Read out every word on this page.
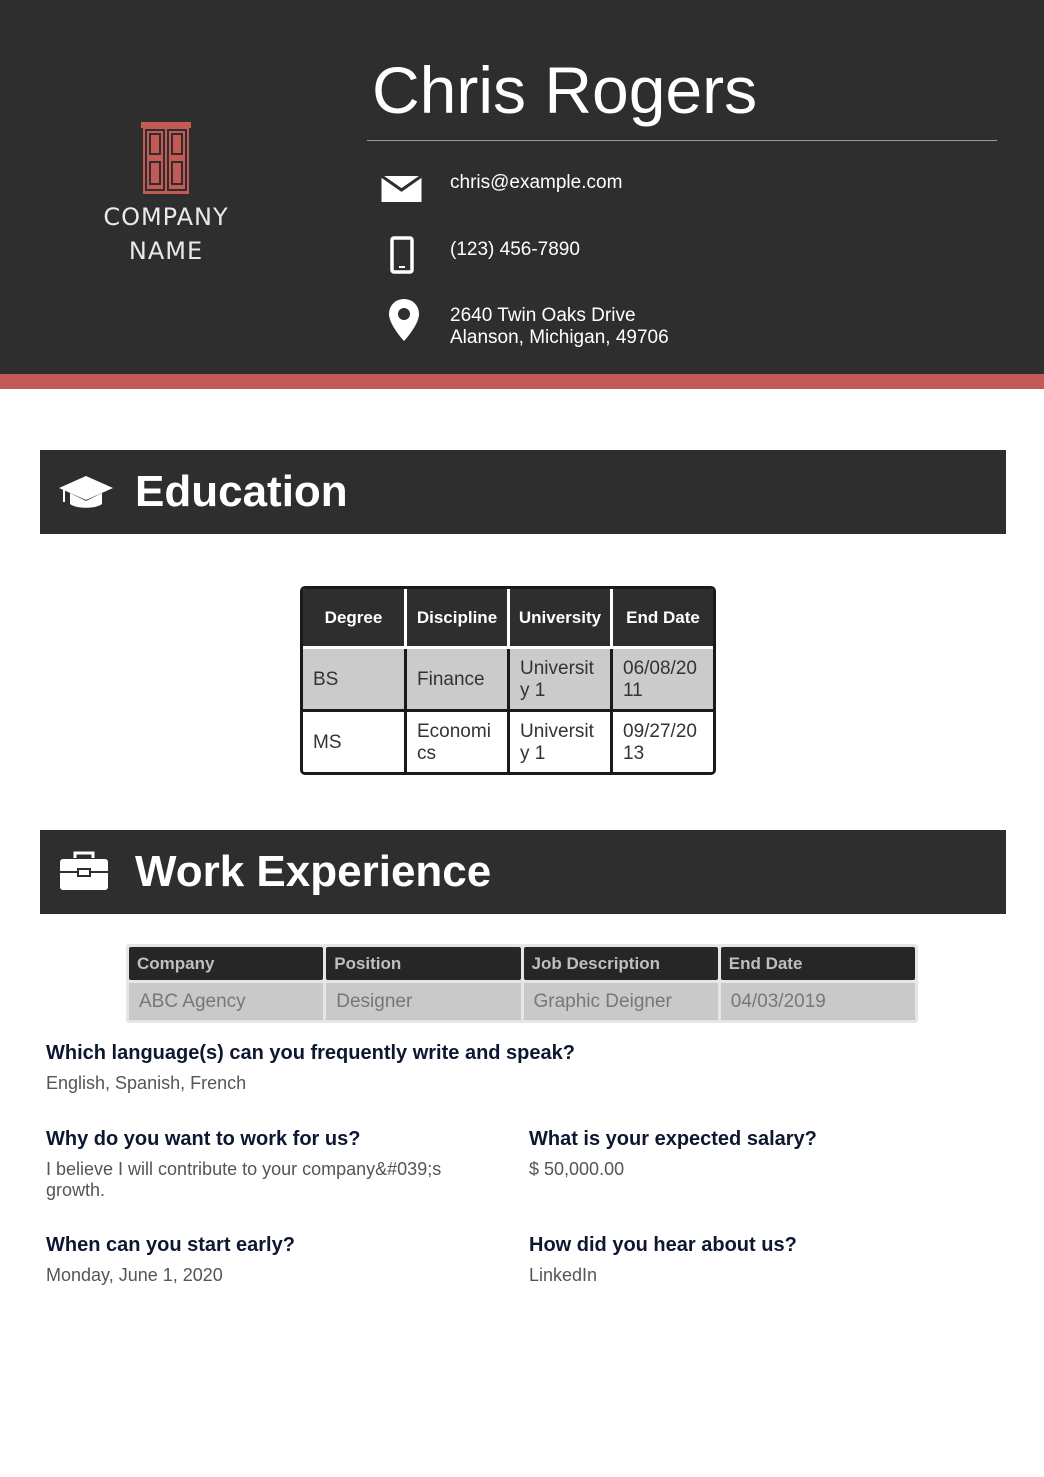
COMPANY
NAME
Chris Rogers
chris@example.com
(123) 456-7890
2640 Twin Oaks Drive
Alanson, Michigan, 49706
Education
Degree	Discipline	University	End Date
BS	Finance	University 1	06/08/2011
MS	Economics	University 1	09/27/2013
Work Experience
Company	Position	Job Description	End Date
ABC Agency	Designer	Graphic Deigner	04/03/2019
Which language(s) can you frequently write and speak?
English, Spanish, French
Why do you want to work for us?
I believe I will contribute to your company&#039;s growth.
What is your expected salary?
$ 50,000.00
When can you start early?
Monday, June 1, 2020
How did you hear about us?
LinkedIn
